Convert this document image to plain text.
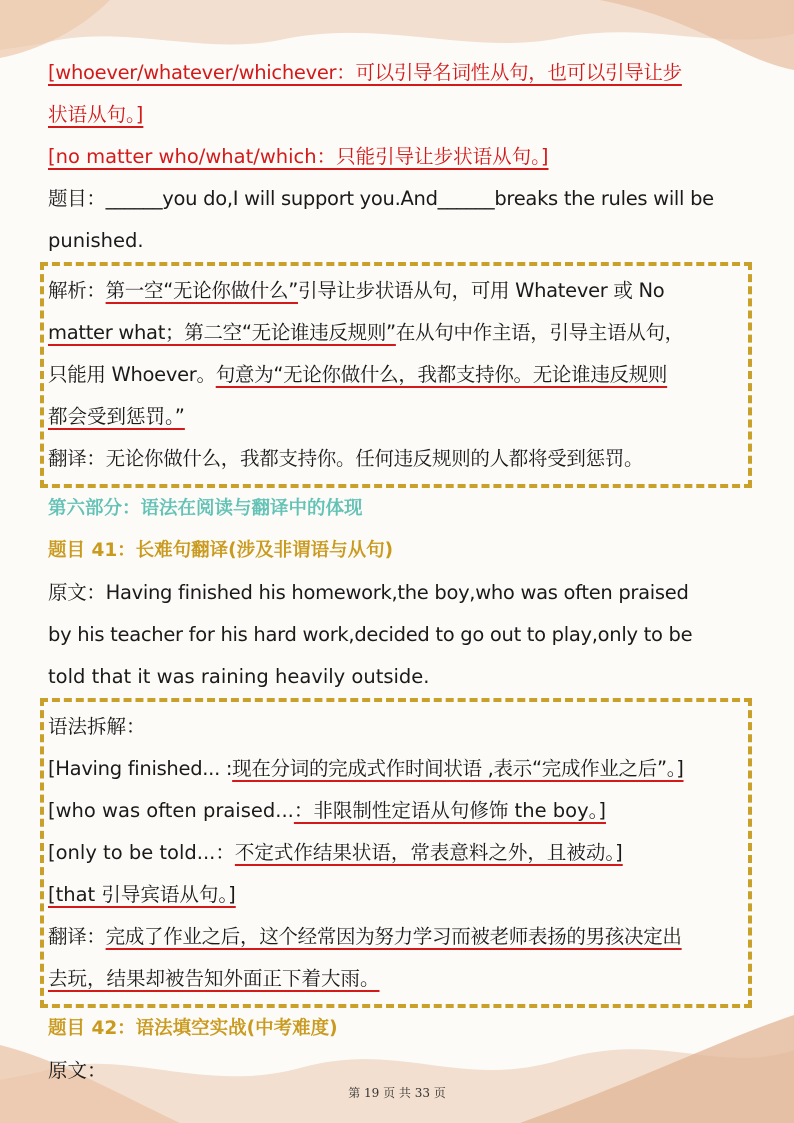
[whoever/whatever/whichever：可以引导名词性从句，也可以引导让步
状语从句。]
[no matter who/what/which：只能引导让步状语从句。]
题目：______you do,I will support you.And______breaks the rules will be
punished.
解析：第一空“无论你做什么”引导让步状语从句，可用 Whatever 或 No
matter what；第二空“无论谁违反规则”在从句中作主语，引导主语从句，
只能用 Whoever。句意为“无论你做什么，我都支持你。无论谁违反规则
都会受到惩罚。”
翻译：无论你做什么，我都支持你。任何违反规则的人都将受到惩罚。
第六部分：语法在阅读与翻译中的体现
题目 41：长难句翻译(涉及非谓语与从句)
原文：Having finished his homework,the boy,who was often praised
by his teacher for his hard work,decided to go out to play,only to be
told that it was raining heavily outside.
语法拆解：
[Having finished... :现在分词的完成式作时间状语 ,表示“完成作业之后”。]
[who was often praised...：非限制性定语从句修饰 the boy。]
[only to be told...：不定式作结果状语，常表意料之外，且被动。]
[that 引导宾语从句。]
翻译：完成了作业之后，这个经常因为努力学习而被老师表扬的男孩决定出
去玩，结果却被告知外面正下着大雨。
题目 42：语法填空实战(中考难度)
原文：
第 19 页 共 33 页
